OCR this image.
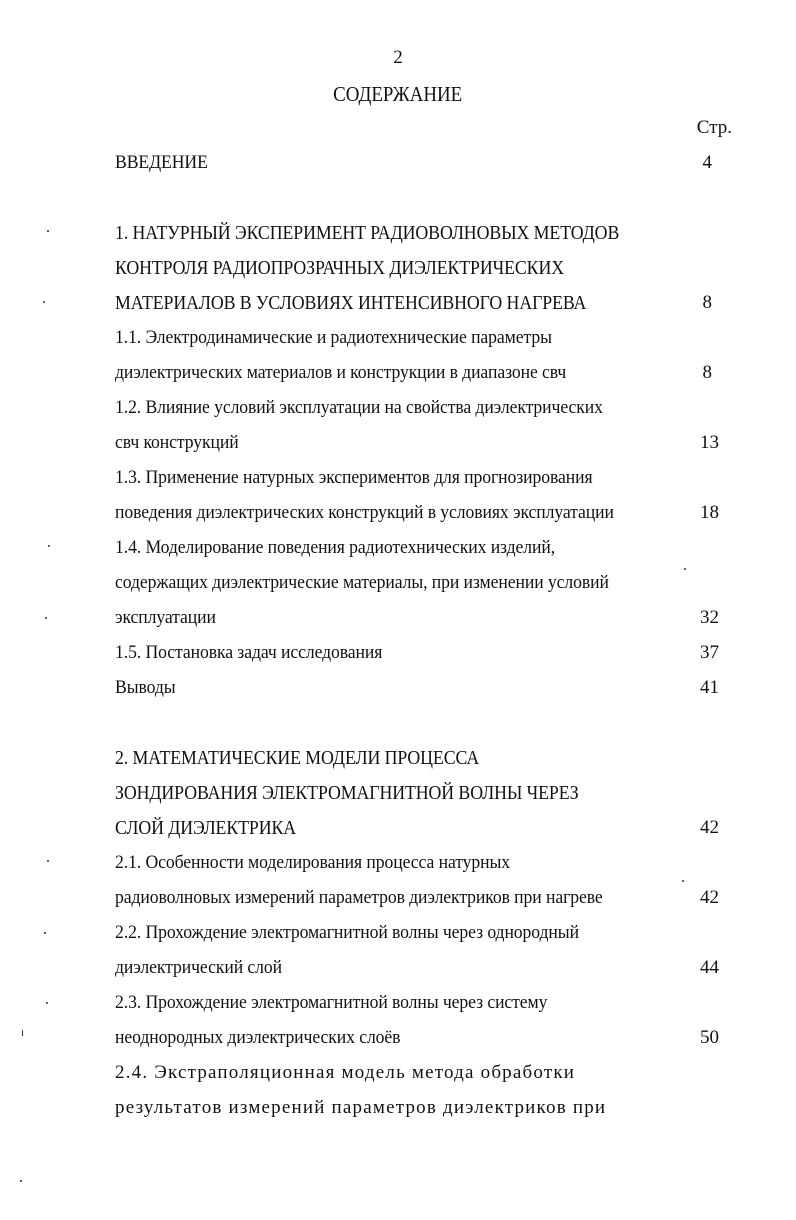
2
СОДЕРЖАНИЕ
Стр.
ВВЕДЕНИЕ	4
1. НАТУРНЫЙ ЭКСПЕРИМЕНТ РАДИОВОЛНОВЫХ МЕТОДОВ
КОНТРОЛЯ РАДИОПРОЗРАЧНЫХ ДИЭЛЕКТРИЧЕСКИХ
МАТЕРИАЛОВ В УСЛОВИЯХ ИНТЕНСИВНОГО НАГРЕВА	8
1.1. Электродинамические и радиотехнические параметры
диэлектрических материалов и конструкции в диапазоне свч	8
1.2. Влияние условий эксплуатации на свойства диэлектрических
свч конструкций	13
1.3. Применение натурных экспериментов для прогнозирования
поведения диэлектрических конструкций в условиях эксплуатации	18
1.4. Моделирование поведения радиотехнических изделий,
содержащих диэлектрические материалы, при изменении условий
эксплуатации	32
1.5. Постановка задач исследования	37
Выводы	41
2. МАТЕМАТИЧЕСКИЕ МОДЕЛИ ПРОЦЕССА
ЗОНДИРОВАНИЯ ЭЛЕКТРОМАГНИТНОЙ ВОЛНЫ ЧЕРЕЗ
СЛОЙ ДИЭЛЕКТРИКА	42
2.1. Особенности моделирования процесса натурных
радиоволновых измерений параметров диэлектриков при нагреве	42
2.2. Прохождение электромагнитной волны через однородный
диэлектрический слой	44
2.3. Прохождение электромагнитной волны через систему
неоднородных диэлектрических слоёв	50
2.4. Экстраполяционная модель метода обработки
результатов измерений параметров диэлектриков при
